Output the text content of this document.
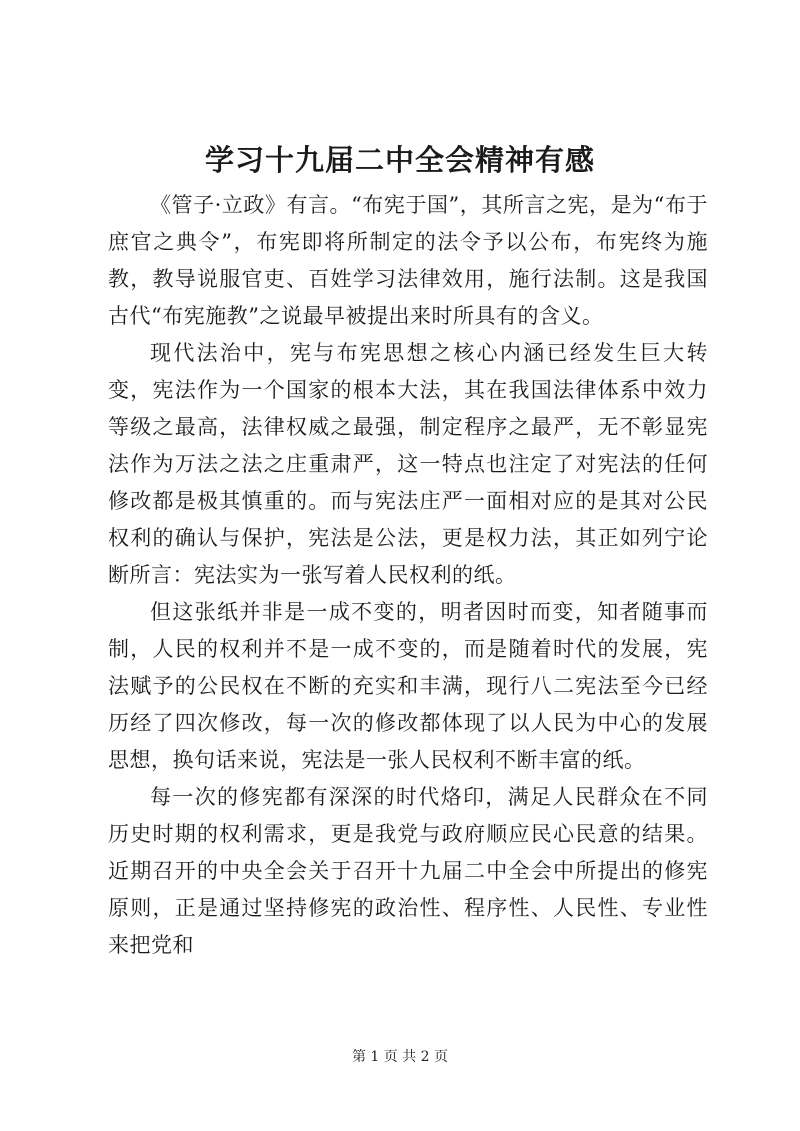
学习十九届二中全会精神有感

《管子·立政》有言。“布宪于国”，其所言之宪，是为“布于庶官之典令”，布宪即将所制定的法令予以公布，布宪终为施教，教导说服官吏、百姓学习法律效用，施行法制。这是我国古代“布宪施教”之说最早被提出来时所具有的含义。

现代法治中，宪与布宪思想之核心内涵已经发生巨大转变，宪法作为一个国家的根本大法，其在我国法律体系中效力等级之最高，法律权威之最强，制定程序之最严，无不彰显宪法作为万法之法之庄重肃严，这一特点也注定了对宪法的任何修改都是极其慎重的。而与宪法庄严一面相对应的是其对公民权利的确认与保护，宪法是公法，更是权力法，其正如列宁论断所言：宪法实为一张写着人民权利的纸。

但这张纸并非是一成不变的，明者因时而变，知者随事而制，人民的权利并不是一成不变的，而是随着时代的发展，宪法赋予的公民权在不断的充实和丰满，现行八二宪法至今已经历经了四次修改，每一次的修改都体现了以人民为中心的发展思想，换句话来说，宪法是一张人民权利不断丰富的纸。

每一次的修宪都有深深的时代烙印，满足人民群众在不同历史时期的权利需求，更是我党与政府顺应民心民意的结果。近期召开的中央全会关于召开十九届二中全会中所提出的修宪原则，正是通过坚持修宪的政治性、程序性、人民性、专业性来把党和

第 1 页 共 2 页
